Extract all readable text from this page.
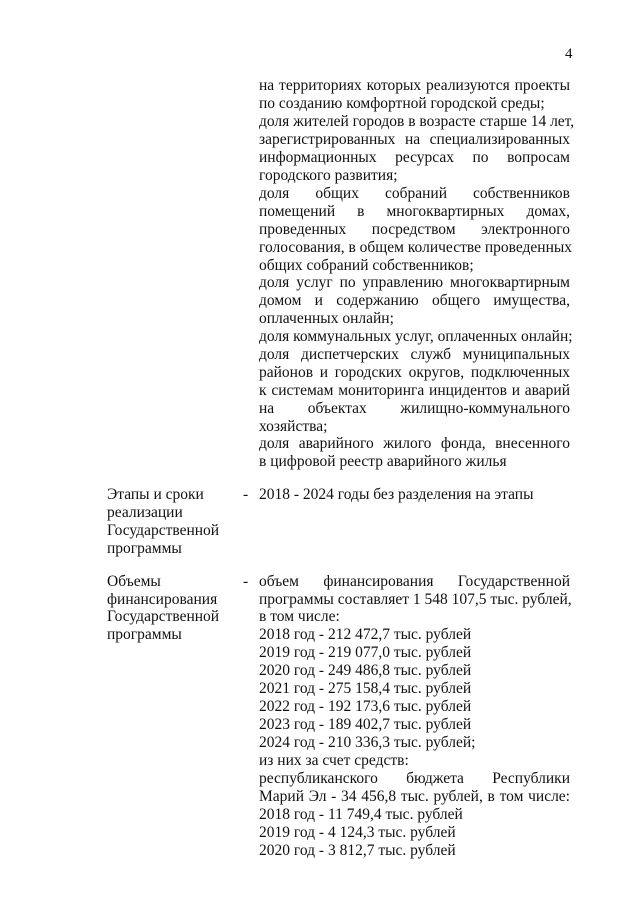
4
на территориях которых реализуются проекты
по созданию комфортной городской среды;
доля жителей городов в возрасте старше 14 лет,
зарегистрированных на специализированных
информационных ресурсах по вопросам
городского развития;
доля общих собраний собственников
помещений в многоквартирных домах,
проведенных посредством электронного
голосования, в общем количестве проведенных
общих собраний собственников;
доля услуг по управлению многоквартирным
домом и содержанию общего имущества,
оплаченных онлайн;
доля коммунальных услуг, оплаченных онлайн;
доля диспетчерских служб муниципальных
районов и городских округов, подключенных
к системам мониторинга инцидентов и аварий
на объектах жилищно-коммунального
хозяйства;
доля аварийного жилого фонда, внесенного
в цифровой реестр аварийного жилья
Этапы и сроки
реализации
Государственной
программы
- 2018 - 2024 годы без разделения на этапы
Объемы
финансирования
Государственной
программы
- объем финансирования Государственной
программы составляет 1 548 107,5 тыс. рублей,
в том числе:
2018 год - 212 472,7 тыс. рублей
2019 год - 219 077,0 тыс. рублей
2020 год - 249 486,8 тыс. рублей
2021 год - 275 158,4 тыс. рублей
2022 год - 192 173,6 тыс. рублей
2023 год - 189 402,7 тыс. рублей
2024 год - 210 336,3 тыс. рублей;
из них за счет средств:
республиканского бюджета Республики
Марий Эл - 34 456,8 тыс. рублей, в том числе:
2018 год - 11 749,4 тыс. рублей
2019 год - 4 124,3 тыс. рублей
2020 год - 3 812,7 тыс. рублей
